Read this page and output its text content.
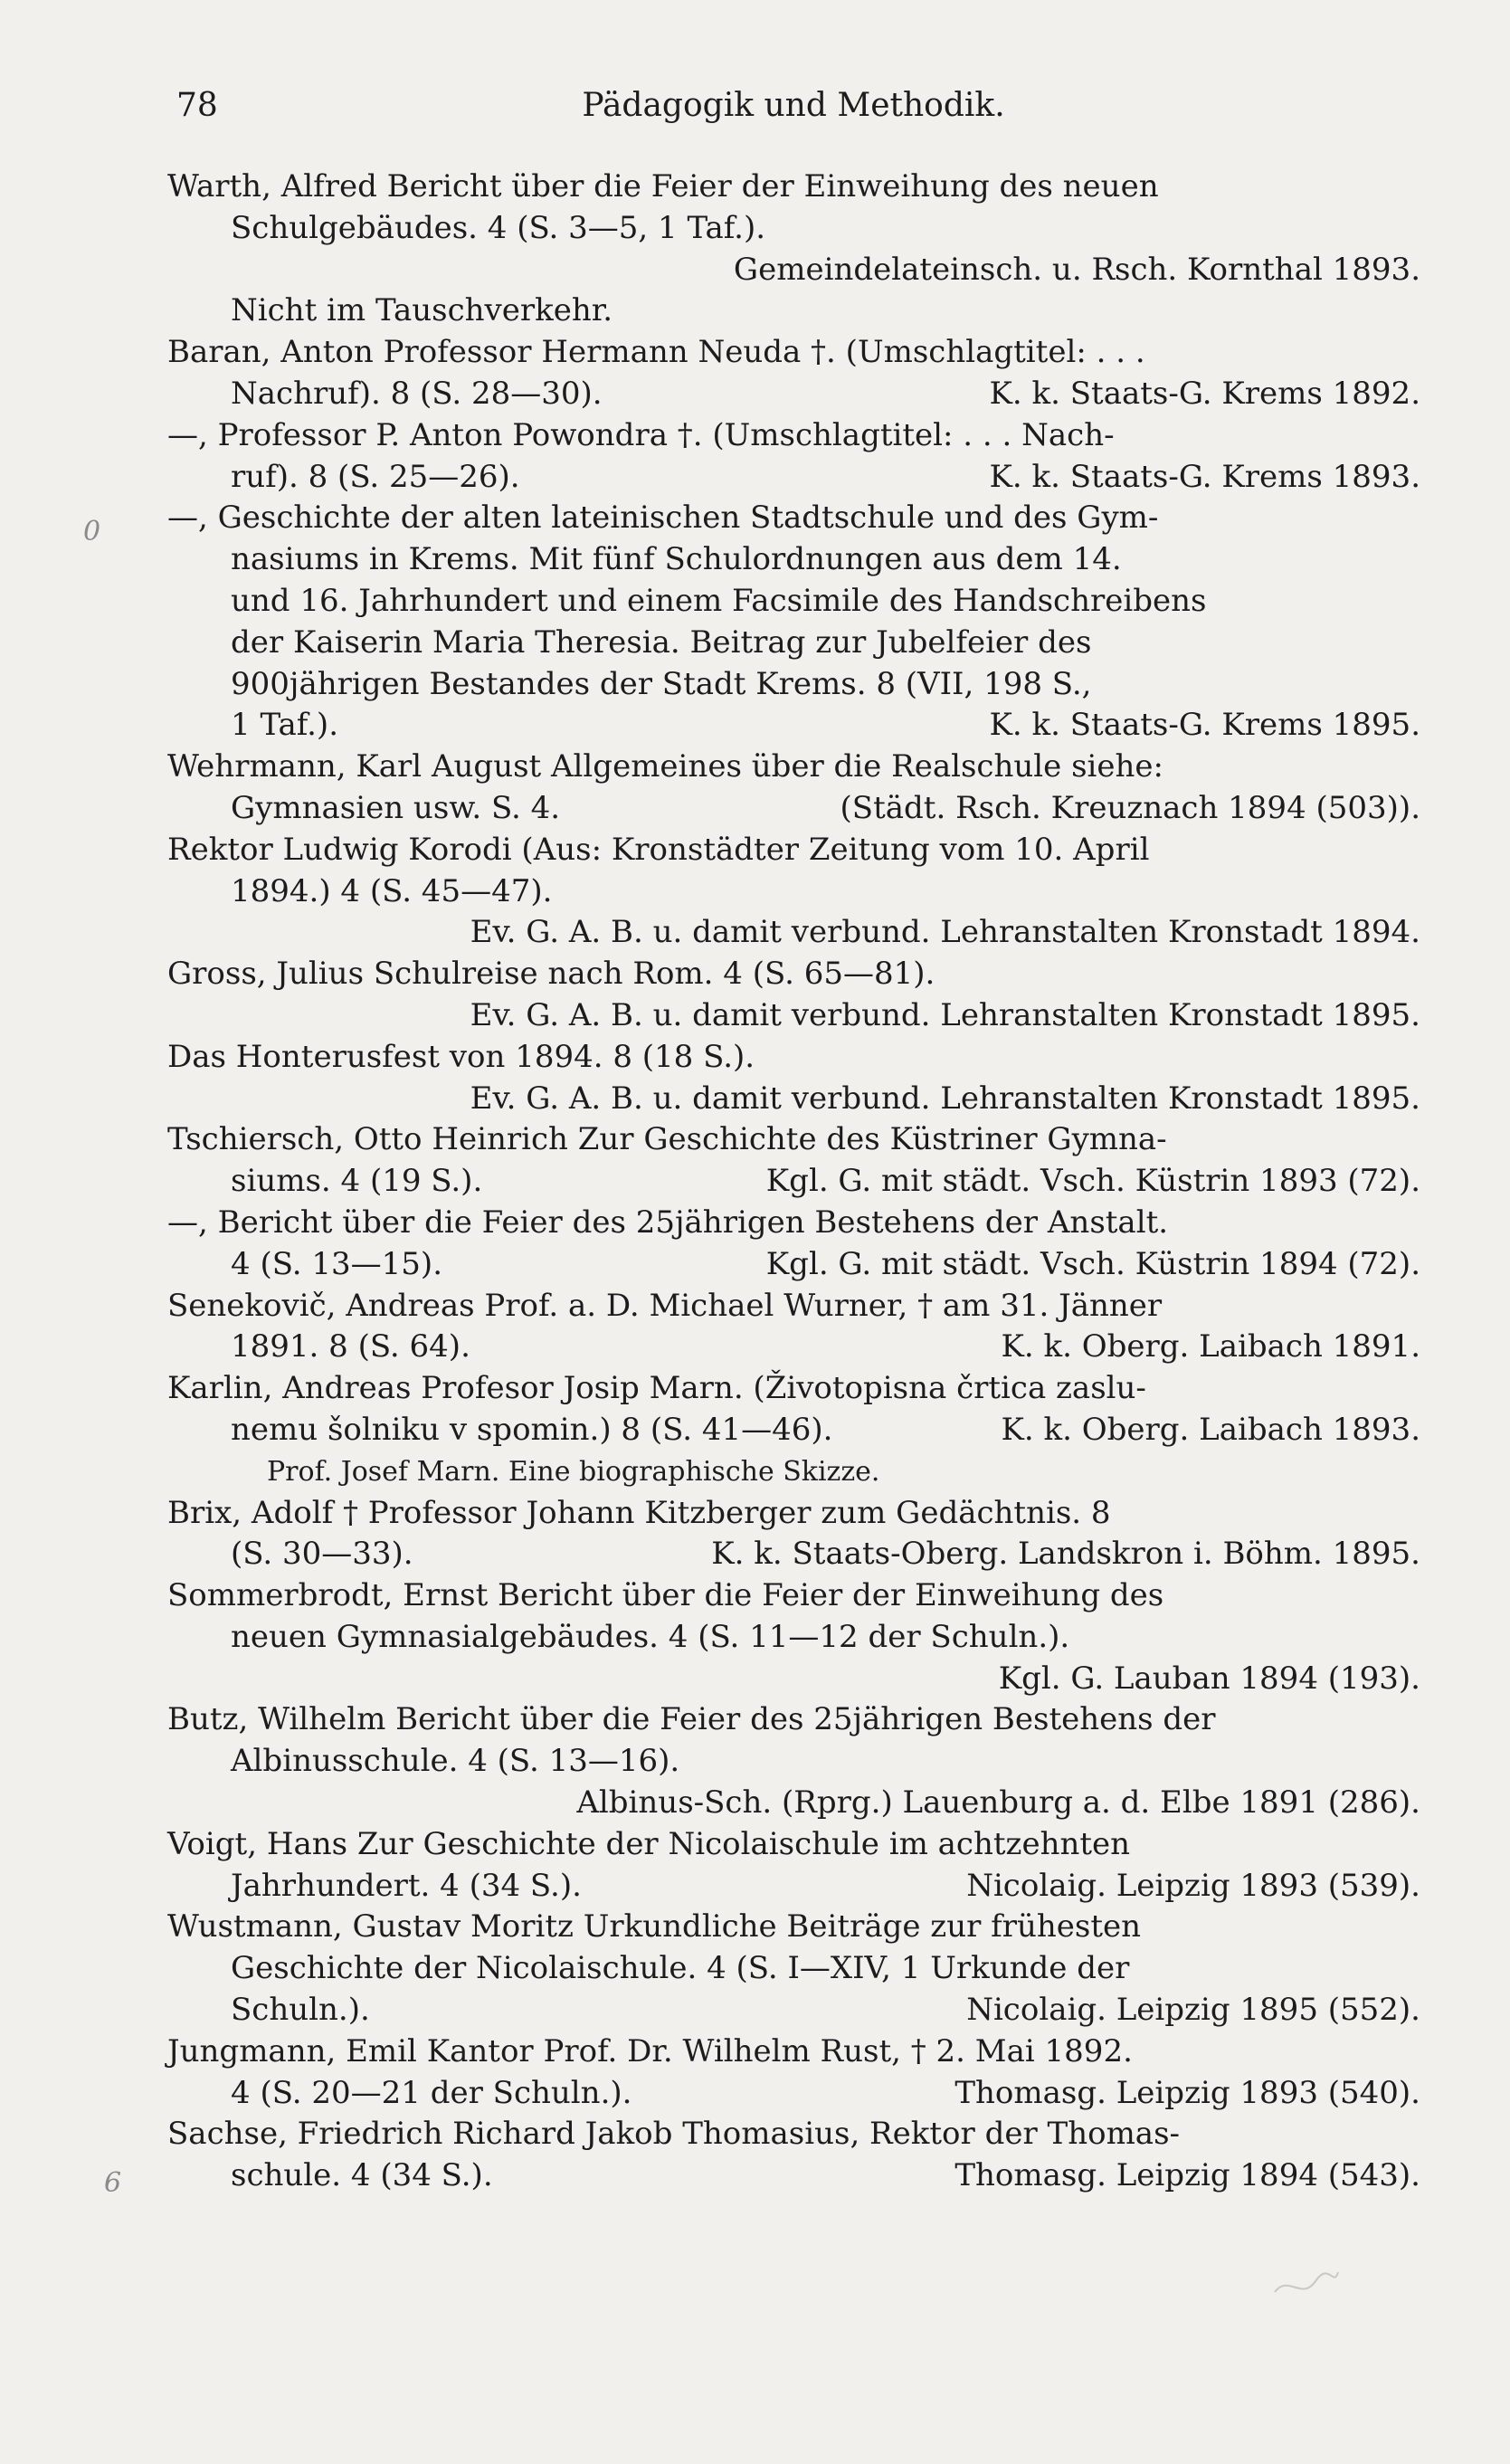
78	Pädagogik und Methodik.
0
6
Warth, Alfred Bericht über die Feier der Einweihung des neuen
Schulgebäudes. 4 (S. 3—5, 1 Taf.).
Gemeindelateinsch. u. Rsch. Kornthal 1893.
Nicht im Tauschverkehr.
Baran, Anton Professor Hermann Neuda †. (Umschlagtitel: . . .
Nachruf). 8 (S. 28—30).	K. k. Staats-G. Krems 1892.
—, Professor P. Anton Powondra †. (Umschlagtitel: . . . Nach-
ruf). 8 (S. 25—26).	K. k. Staats-G. Krems 1893.
—, Geschichte der alten lateinischen Stadtschule und des Gym-
nasiums in Krems. Mit fünf Schulordnungen aus dem 14.
und 16. Jahrhundert und einem Facsimile des Handschreibens
der Kaiserin Maria Theresia. Beitrag zur Jubelfeier des
900jährigen Bestandes der Stadt Krems. 8 (VII, 198 S.,
1 Taf.).	K. k. Staats-G. Krems 1895.
Wehrmann, Karl August Allgemeines über die Realschule siehe:
Gymnasien usw. S. 4.	(Städt. Rsch. Kreuznach 1894 (503)).
Rektor Ludwig Korodi (Aus: Kronstädter Zeitung vom 10. April
1894.) 4 (S. 45—47).
Ev. G. A. B. u. damit verbund. Lehranstalten Kronstadt 1894.
Gross, Julius Schulreise nach Rom. 4 (S. 65—81).
Ev. G. A. B. u. damit verbund. Lehranstalten Kronstadt 1895.
Das Honterusfest von 1894. 8 (18 S.).
Ev. G. A. B. u. damit verbund. Lehranstalten Kronstadt 1895.
Tschiersch, Otto Heinrich Zur Geschichte des Küstriner Gymna-
siums. 4 (19 S.).	Kgl. G. mit städt. Vsch. Küstrin 1893 (72).
—, Bericht über die Feier des 25jährigen Bestehens der Anstalt.
4 (S. 13—15).	Kgl. G. mit städt. Vsch. Küstrin 1894 (72).
Senekovič, Andreas Prof. a. D. Michael Wurner, † am 31. Jänner
1891. 8 (S. 64).	K. k. Oberg. Laibach 1891.
Karlin, Andreas Profesor Josip Marn. (Životopisna črtica zaslu-
nemu šolniku v spomin.) 8 (S. 41—46).	K. k. Oberg. Laibach 1893.
Prof. Josef Marn. Eine biographische Skizze.
Brix, Adolf † Professor Johann Kitzberger zum Gedächtnis. 8
(S. 30—33).	K. k. Staats-Oberg. Landskron i. Böhm. 1895.
Sommerbrodt, Ernst Bericht über die Feier der Einweihung des
neuen Gymnasialgebäudes. 4 (S. 11—12 der Schuln.).
Kgl. G. Lauban 1894 (193).
Butz, Wilhelm Bericht über die Feier des 25jährigen Bestehens der
Albinusschule. 4 (S. 13—16).
Albinus-Sch. (Rprg.) Lauenburg a. d. Elbe 1891 (286).
Voigt, Hans Zur Geschichte der Nicolaischule im achtzehnten
Jahrhundert. 4 (34 S.).	Nicolaig. Leipzig 1893 (539).
Wustmann, Gustav Moritz Urkundliche Beiträge zur frühesten
Geschichte der Nicolaischule. 4 (S. I—XIV, 1 Urkunde der
Schuln.).	Nicolaig. Leipzig 1895 (552).
Jungmann, Emil Kantor Prof. Dr. Wilhelm Rust, † 2. Mai 1892.
4 (S. 20—21 der Schuln.).	Thomasg. Leipzig 1893 (540).
Sachse, Friedrich Richard Jakob Thomasius, Rektor der Thomas-
schule. 4 (34 S.).	Thomasg. Leipzig 1894 (543).
